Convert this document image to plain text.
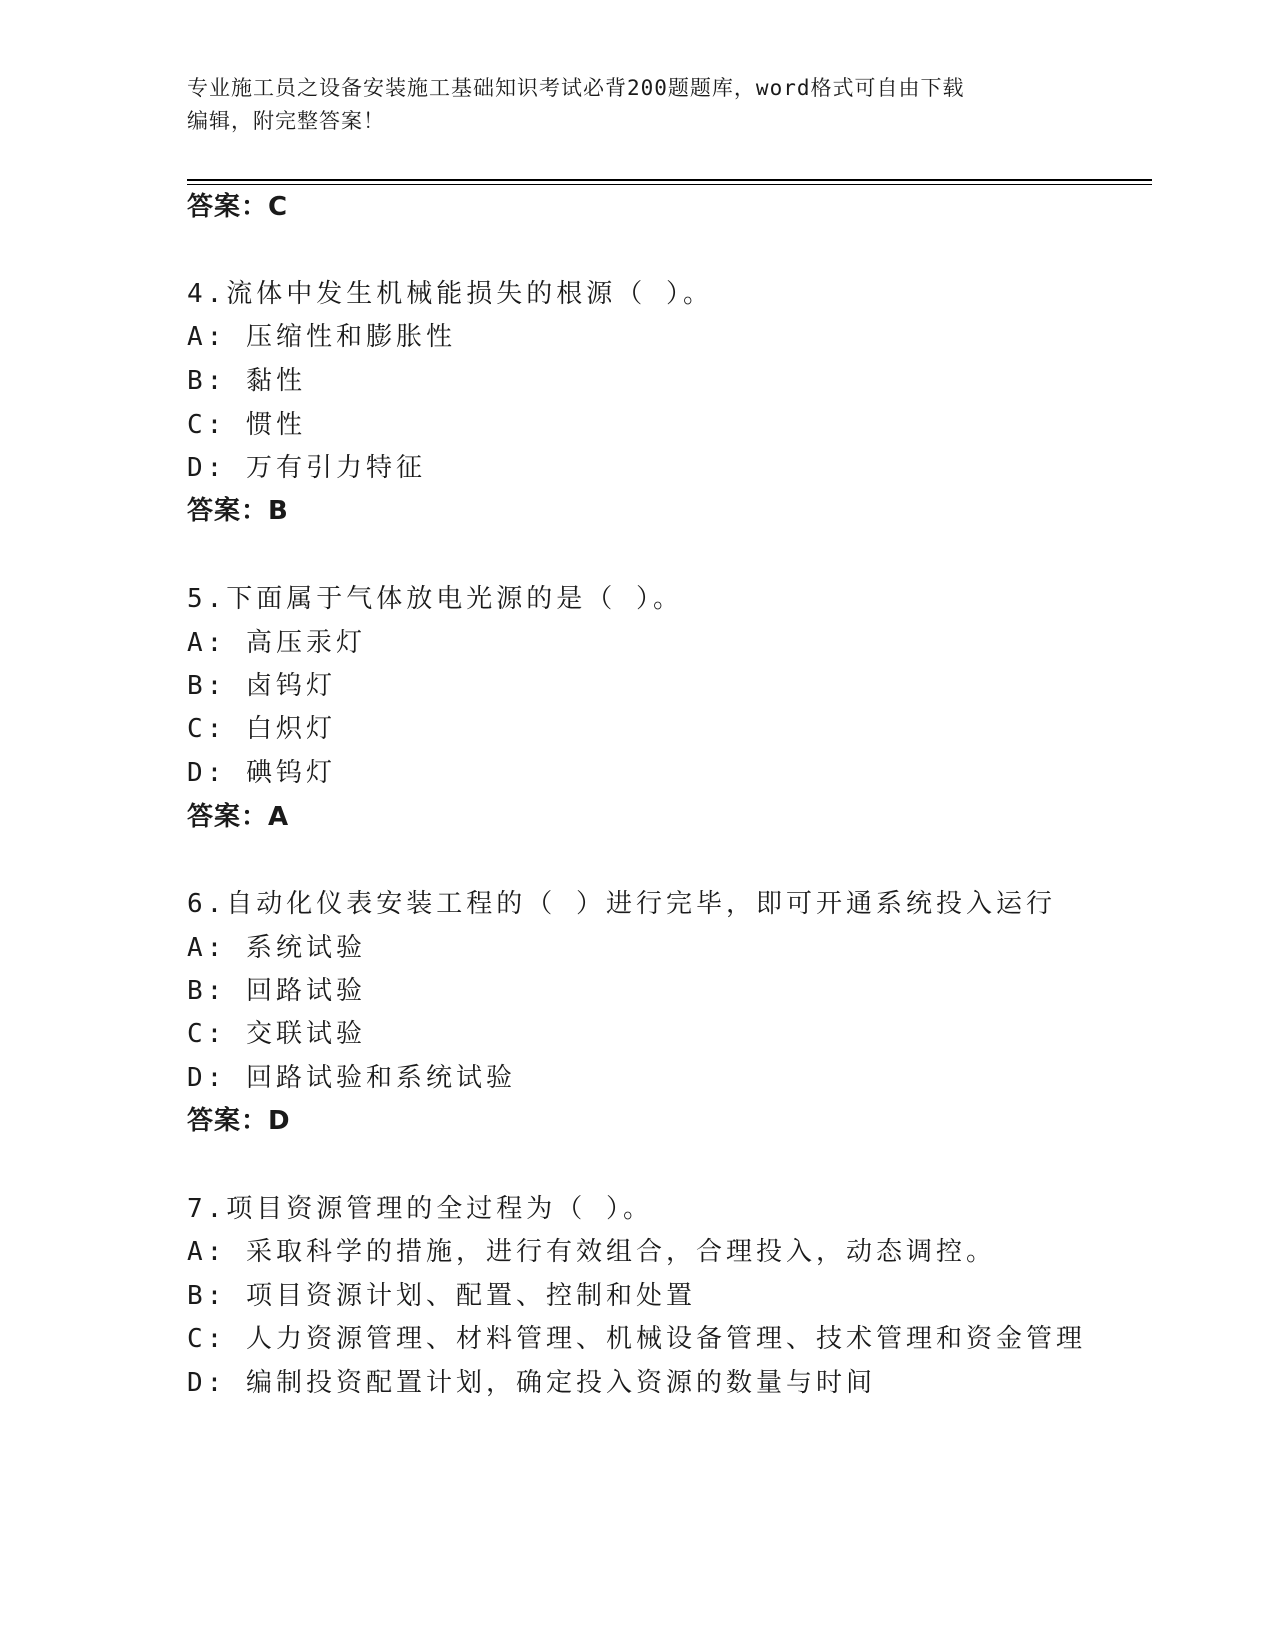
专业施工员之设备安装施工基础知识考试必背200题题库，word格式可自由下载
编辑，附完整答案！
答案：C
4.流体中发生机械能损失的根源（ ）。
A: 压缩性和膨胀性
B: 黏性
C: 惯性
D: 万有引力特征
答案：B
5.下面属于气体放电光源的是（ ）。
A: 高压汞灯
B: 卤钨灯
C: 白炽灯
D: 碘钨灯
答案：A
6.自动化仪表安装工程的（ ）进行完毕，即可开通系统投入运行
A: 系统试验
B: 回路试验
C: 交联试验
D: 回路试验和系统试验
答案：D
7.项目资源管理的全过程为（ ）。
A: 采取科学的措施，进行有效组合，合理投入，动态调控。
B: 项目资源计划、配置、控制和处置
C: 人力资源管理、材料管理、机械设备管理、技术管理和资金管理
D: 编制投资配置计划，确定投入资源的数量与时间
